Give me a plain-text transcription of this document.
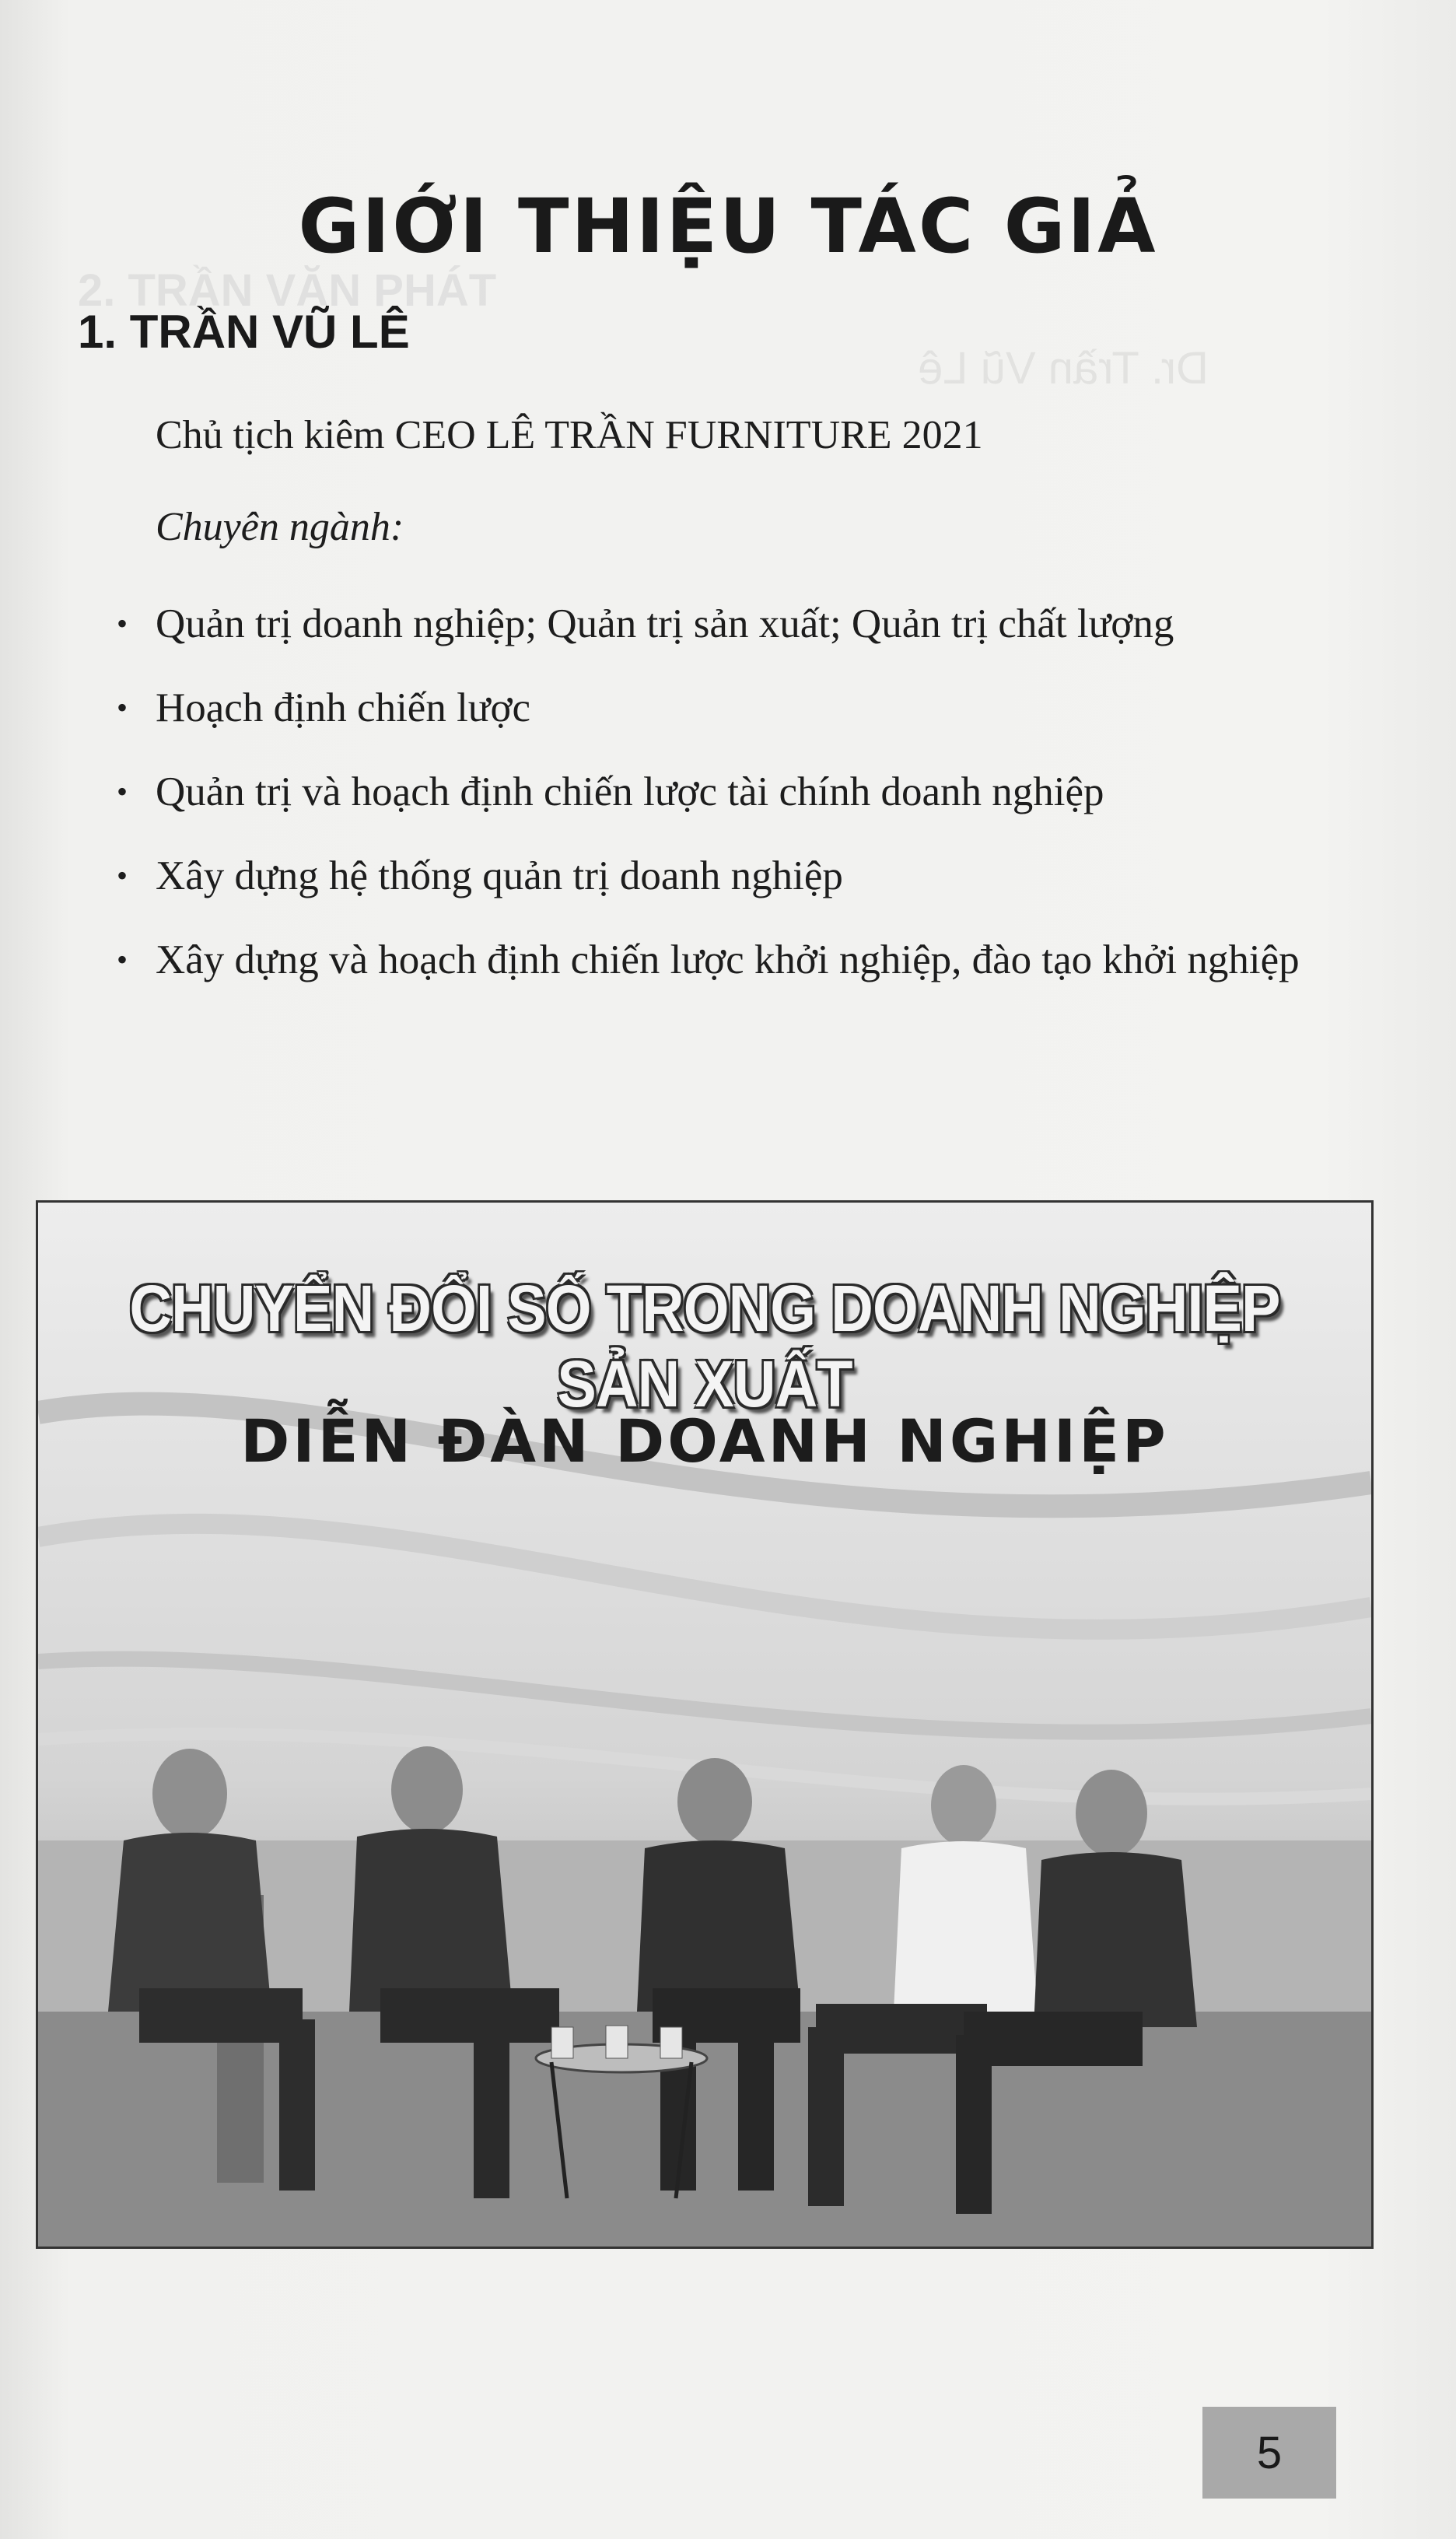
2. TRẦN VĂN PHÁT
Dr. Trần Vũ Lê
GIỚI THIỆU TÁC GIẢ
1. TRẦN VŨ LÊ
Chủ tịch kiêm CEO LÊ TRẦN FURNITURE 2021
Chuyên ngành:
• Quản trị doanh nghiệp; Quản trị sản xuất; Quản trị chất lượng
• Hoạch định chiến lược
• Quản trị và hoạch định chiến lược tài chính doanh nghiệp
• Xây dựng hệ thống quản trị doanh nghiệp
• Xây dựng và hoạch định chiến lược khởi nghiệp, đào tạo khởi nghiệp
CHUYỂN ĐỔI SỐ TRONG DOANH NGHIỆP SẢN XUẤT
DIỄN ĐÀN DOANH NGHIỆP
5
